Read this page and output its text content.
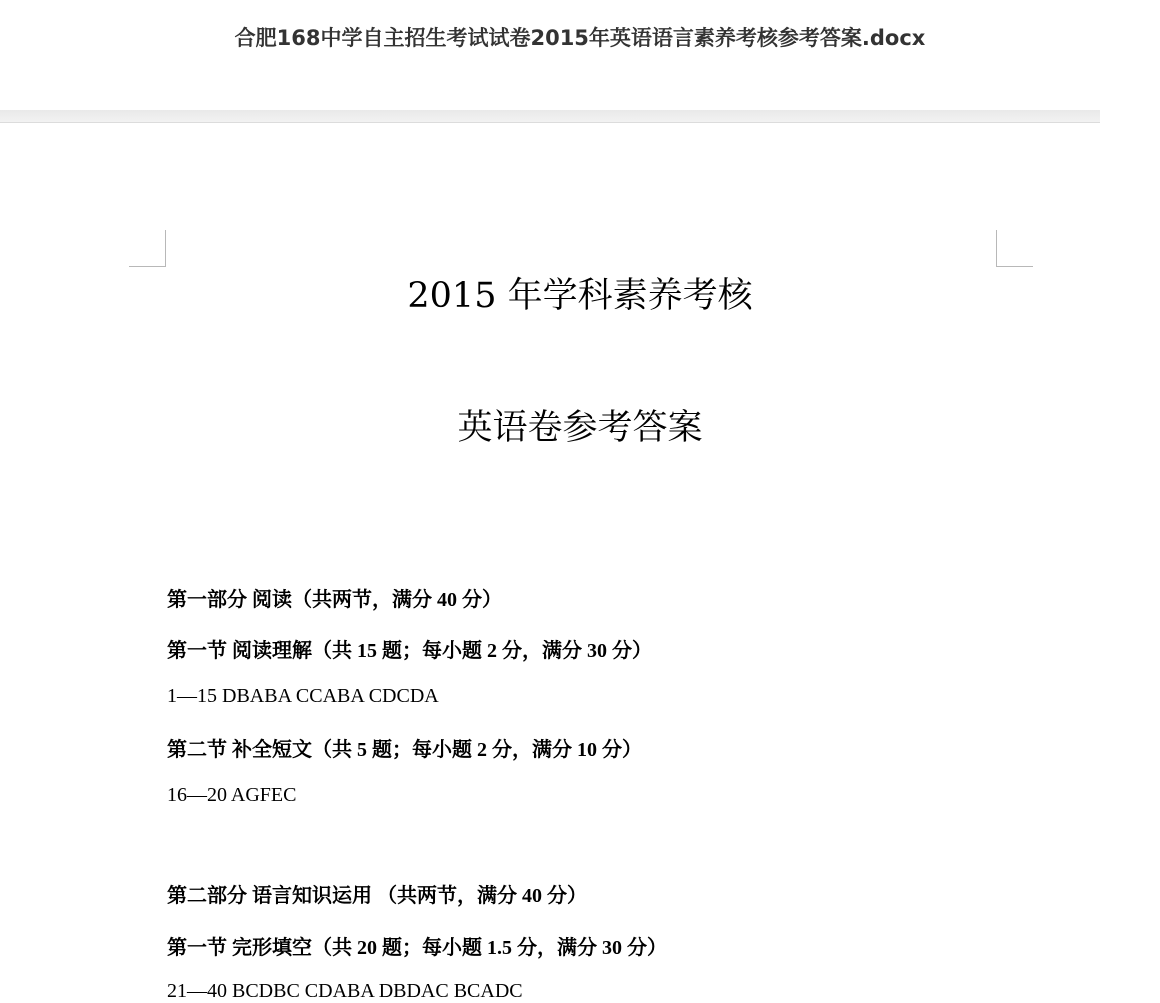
合肥168中学自主招生考试试卷2015年英语语言素养考核参考答案.docx
2015 年学科素养考核
英语卷参考答案
第一部分 阅读（共两节，满分 40 分）
第一节 阅读理解（共 15 题；每小题 2 分，满分 30 分）
1—15 DBABA CCABA CDCDA
第二节 补全短文（共 5 题；每小题 2 分，满分 10 分）
16—20 AGFEC
第二部分 语言知识运用 （共两节，满分 40 分）
第一节 完形填空（共 20 题；每小题 1.5 分，满分 30 分）
21—40 BCDBC CDABA DBDAC BCADC
